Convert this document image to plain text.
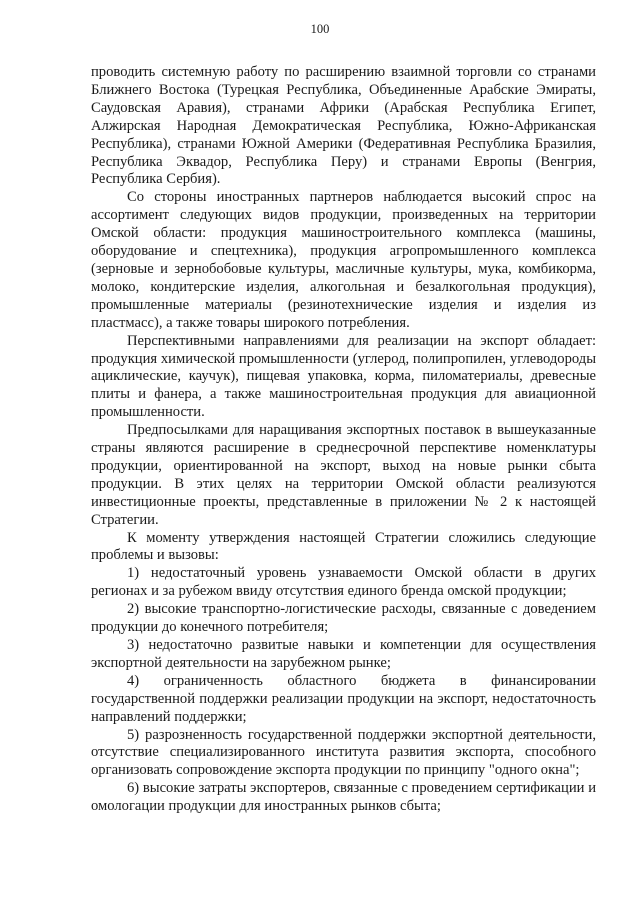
100

проводить системную работу по расширению взаимной торговли со странами Ближнего Востока (Турецкая Республика, Объединенные Арабские Эмираты, Саудовская Аравия), странами Африки (Арабская Республика Египет, Алжирская Народная Демократическая Республика, Южно-Африканская Республика), странами Южной Америки (Федеративная Республика Бразилия, Республика Эквадор, Республика Перу) и странами Европы (Венгрия, Республика Сербия).

Со стороны иностранных партнеров наблюдается высокий спрос на ассортимент следующих видов продукции, произведенных на территории Омской области: продукция машиностроительного комплекса (машины, оборудование и спецтехника), продукция агропромышленного комплекса (зерновые и зернобобовые культуры, масличные культуры, мука, комбикорма, молоко, кондитерские изделия, алкогольная и безалкогольная продукция), промышленные материалы (резинотехнические изделия и изделия из пластмасс), а также товары широкого потребления.

Перспективными направлениями для реализации на экспорт обладает: продукция химической промышленности (углерод, полипропилен, углеводороды ациклические, каучук), пищевая упаковка, корма, пиломатериалы, древесные плиты и фанера, а также машиностроительная продукция для авиационной промышленности.

Предпосылками для наращивания экспортных поставок в вышеуказанные страны являются расширение в среднесрочной перспективе номенклатуры продукции, ориентированной на экспорт, выход на новые рынки сбыта продукции. В этих целях на территории Омской области реализуются инвестиционные проекты, представленные в приложении № 2 к настоящей Стратегии.

К моменту утверждения настоящей Стратегии сложились следующие проблемы и вызовы:

1) недостаточный уровень узнаваемости Омской области в других регионах и за рубежом ввиду отсутствия единого бренда омской продукции;

2) высокие транспортно-логистические расходы, связанные с доведением продукции до конечного потребителя;

3) недостаточно развитые навыки и компетенции для осуществления экспортной деятельности на зарубежном рынке;

4) ограниченность областного бюджета в финансировании государственной поддержки реализации продукции на экспорт, недостаточность направлений поддержки;

5) разрозненность государственной поддержки экспортной деятельности, отсутствие специализированного института развития экспорта, способного организовать сопровождение экспорта продукции по принципу "одного окна";

6) высокие затраты экспортеров, связанные с проведением сертификации и омологации продукции для иностранных рынков сбыта;
